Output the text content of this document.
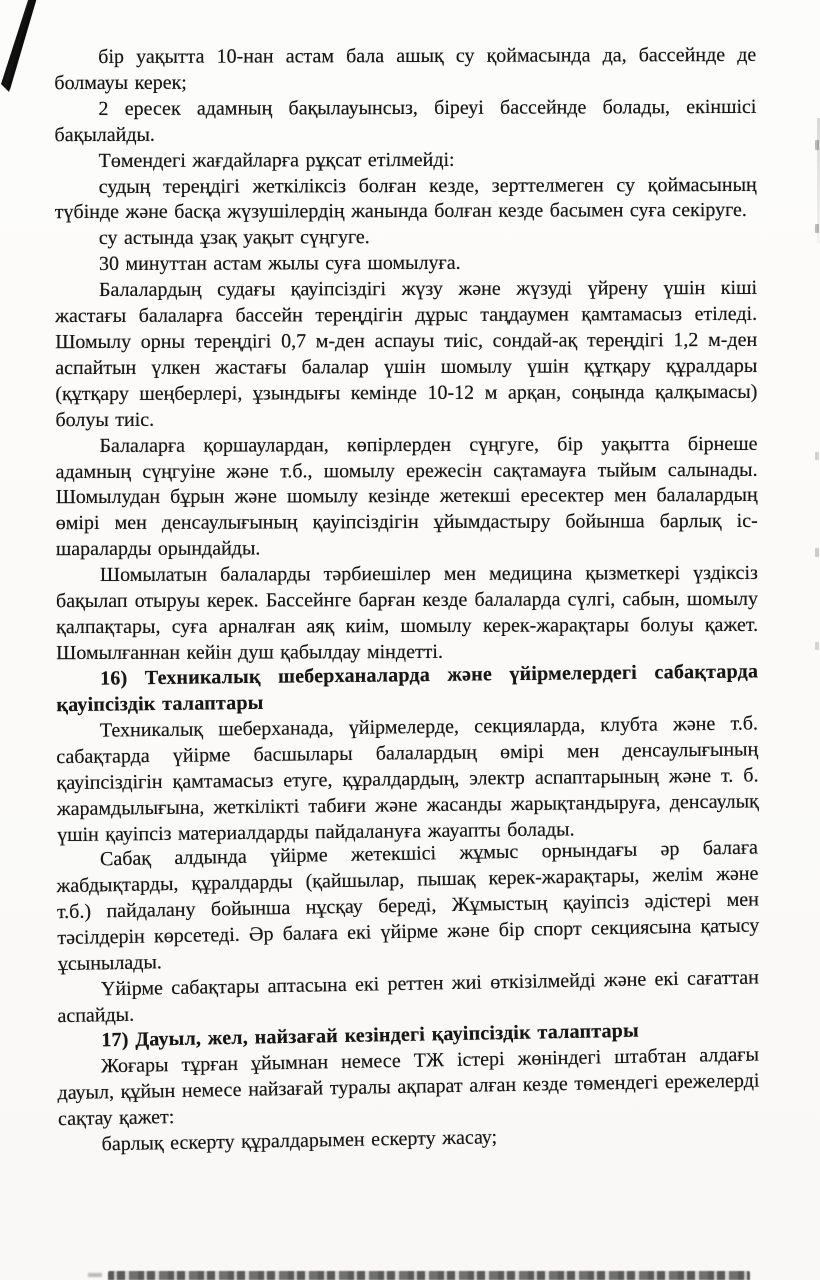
бір уақытта 10-нан астам бала ашық су қоймасында да, бассейнде де болмауы керек;

2 ересек адамның бақылауынсыз, біреуі бассейнде болады, екіншісі бақылайды.

Төмендегі жағдайларға рұқсат етілмейді:

судың тереңдігі жеткіліксіз болған кезде, зерттелмеген су қоймасының түбінде және басқа жүзушілердің жанында болған кезде басымен суға секіруге.

су астында ұзақ уақыт сүңгуге.

30 минуттан астам жылы суға шомылуға.

Балалардың судағы қауіпсіздігі жүзу және жүзуді үйрену үшін кіші жастағы балаларға бассейн тереңдігін дұрыс таңдаумен қамтамасыз етіледі. Шомылу орны тереңдігі 0,7 м-ден аспауы тиіс, сондай-ақ тереңдігі 1,2 м-ден аспайтын үлкен жастағы балалар үшін шомылу үшін құтқару құралдары (құтқару шеңберлері, ұзындығы кемінде 10-12 м арқан, соңында қалқымасы) болуы тиіс.

Балаларға қоршаулардан, көпірлерден сүңгуге, бір уақытта бірнеше адамның сүңгуіне және т.б., шомылу ережесін сақтамауға тыйым салынады. Шомылудан бұрын және шомылу кезінде жетекші ересектер мен балалардың өмірі мен денсаулығының қауіпсіздігін ұйымдастыру бойынша барлық іс-шараларды орындайды.

Шомылатын балаларды тәрбиешілер мен медицина қызметкері үздіксіз бақылап отыруы керек. Бассейнге барған кезде балаларда сүлгі, сабын, шомылу қалпақтары, суға арналған аяқ киім, шомылу керек-жарақтары болуы қажет. Шомылғаннан кейін душ қабылдау міндетті.

16) Техникалық шеберханаларда және үйірмелердегі сабақтарда қауіпсіздік талаптары

Техникалық шеберханада, үйірмелерде, секцияларда, клубта және т.б. сабақтарда үйірме басшылары балалардың өмірі мен денсаулығының қауіпсіздігін қамтамасыз етуге, құралдардың, электр аспаптарының және т. б. жарамдылығына, жеткілікті табиғи және жасанды жарықтандыруға, денсаулық үшін қауіпсіз материалдарды пайдалануға жауапты болады.

Сабақ алдында үйірме жетекшісі жұмыс орнындағы әр балаға жабдықтарды, құралдарды (қайшылар, пышақ керек-жарақтары, желім және т.б.) пайдалану бойынша нұсқау береді, Жұмыстың қауіпсіз әдістері мен тәсілдерін көрсетеді. Әр балаға екі үйірме және бір спорт секциясына қатысу ұсынылады.

Үйірме сабақтары аптасына екі реттен жиі өткізілмейді және екі сағаттан аспайды.

17) Дауыл, жел, найзағай кезіндегі қауіпсіздік талаптары

Жоғары тұрған ұйымнан немесе ТЖ істері жөніндегі штабтан алдағы дауыл, құйын немесе найзағай туралы ақпарат алған кезде төмендегі ережелерді сақтау қажет:

барлық ескерту құралдарымен ескерту жасау;
